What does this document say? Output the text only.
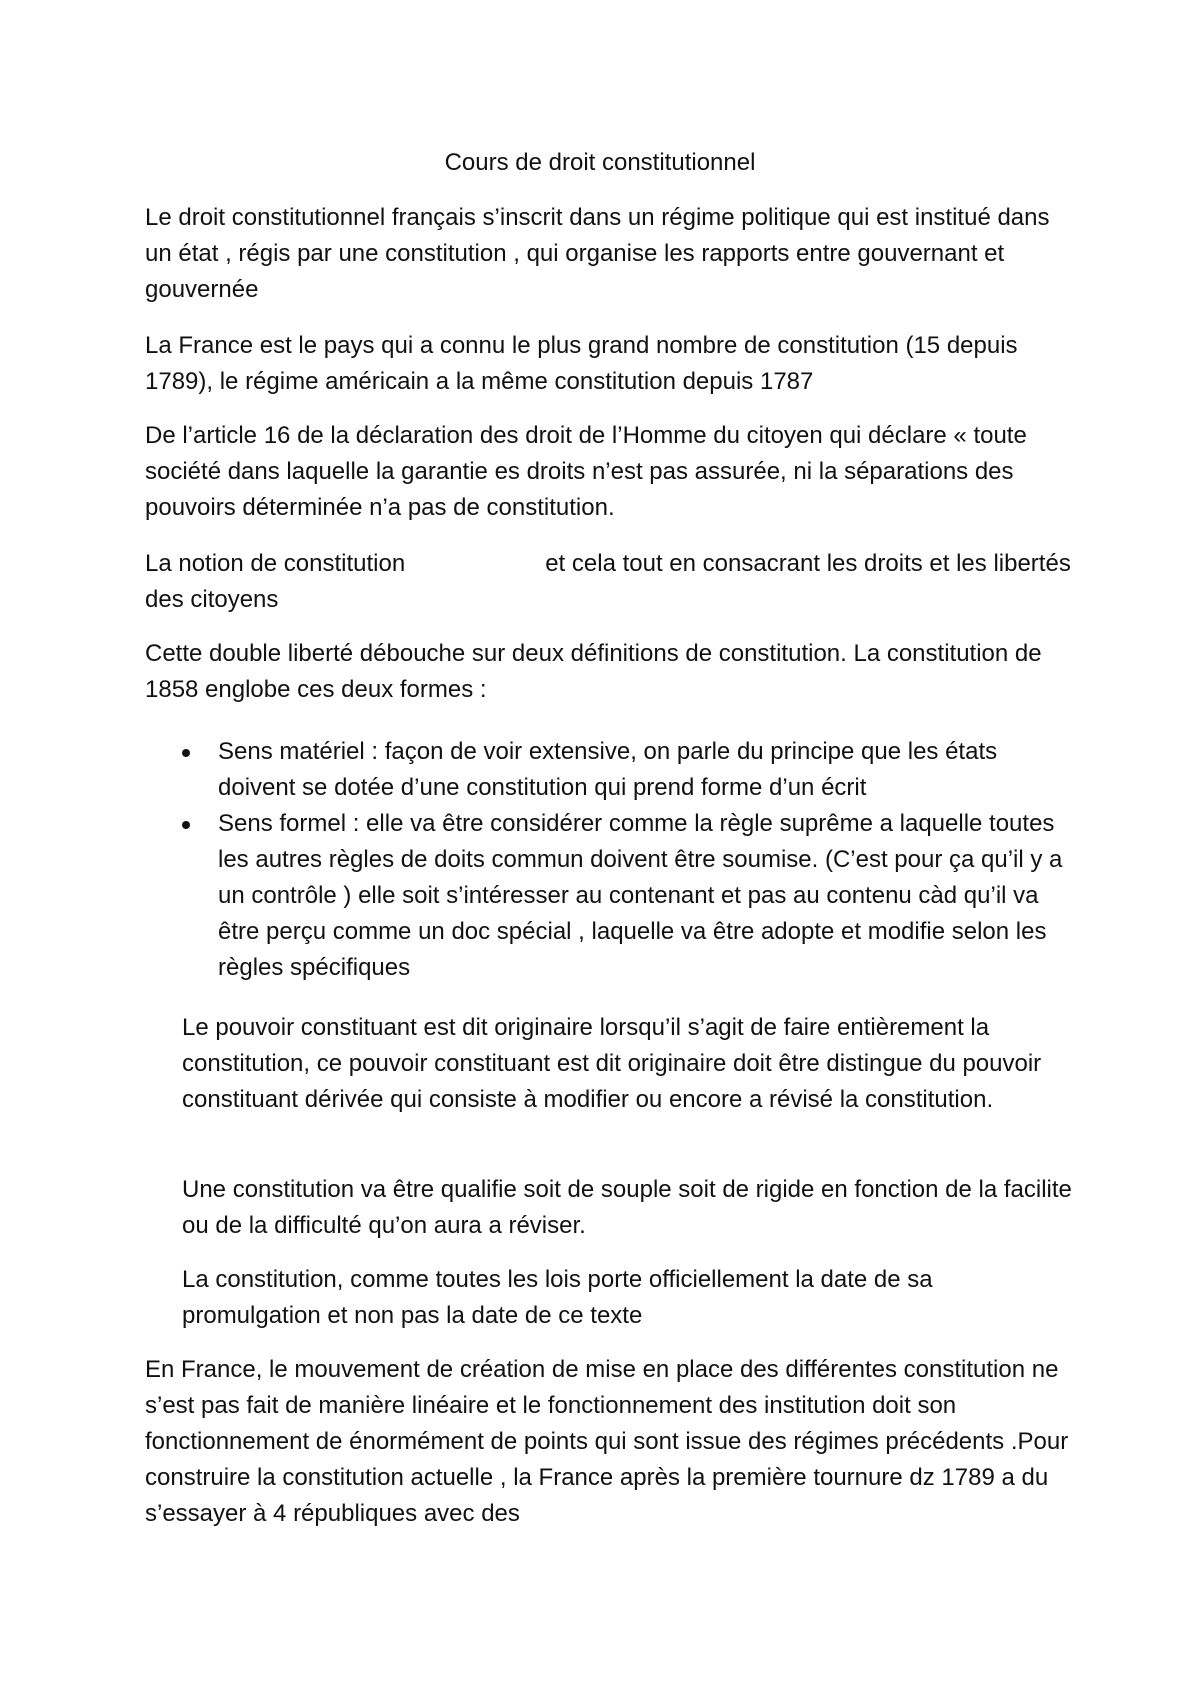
Cours de droit constitutionnel

Le droit constitutionnel français s’inscrit dans un régime politique qui est institué dans un état , régis par une constitution , qui organise les rapports entre gouvernant et gouvernée

La France est le pays qui a connu le plus grand nombre de constitution (15 depuis 1789), le régime américain a la même constitution depuis 1787

De l’article 16 de la déclaration des droit de l’Homme du citoyen qui déclare « toute société dans laquelle la garantie es droits n’est pas assurée, ni la séparations des pouvoirs déterminée n’a pas de constitution.

La notion de constitution	et cela tout en consacrant les droits et les libertés des citoyens

Cette double liberté débouche sur deux définitions de constitution. La constitution de 1858 englobe ces deux formes :

Sens matériel : façon de voir extensive, on parle du principe que les états doivent se dotée d’une constitution qui prend forme d’un écrit
Sens formel : elle va être considérer comme la règle suprême a laquelle toutes les autres règles de doits commun doivent être soumise. (C’est pour ça qu’il y a un contrôle ) elle soit s’intéresser au contenant et pas au contenu càd qu’il va être perçu comme un doc spécial , laquelle va être adopte et modifie selon les règles spécifiques

Le pouvoir constituant est dit originaire lorsqu’il s’agit de faire entièrement la constitution, ce pouvoir constituant est dit originaire doit être distingue du pouvoir constituant dérivée qui consiste à modifier ou encore a révisé la constitution.

Une constitution va être qualifie soit de souple soit de rigide en fonction de la facilite ou de la difficulté qu’on aura a réviser.

La constitution, comme toutes les lois porte officiellement la date de sa promulgation et non pas la date de ce texte

En France, le mouvement de création de mise en place des différentes constitution ne s’est pas fait de manière linéaire et le fonctionnement des institution doit son fonctionnement de énormément de points qui sont issue des régimes précédents .Pour construire la constitution actuelle , la France après la première tournure dz 1789 a du s’essayer à 4 républiques avec des
